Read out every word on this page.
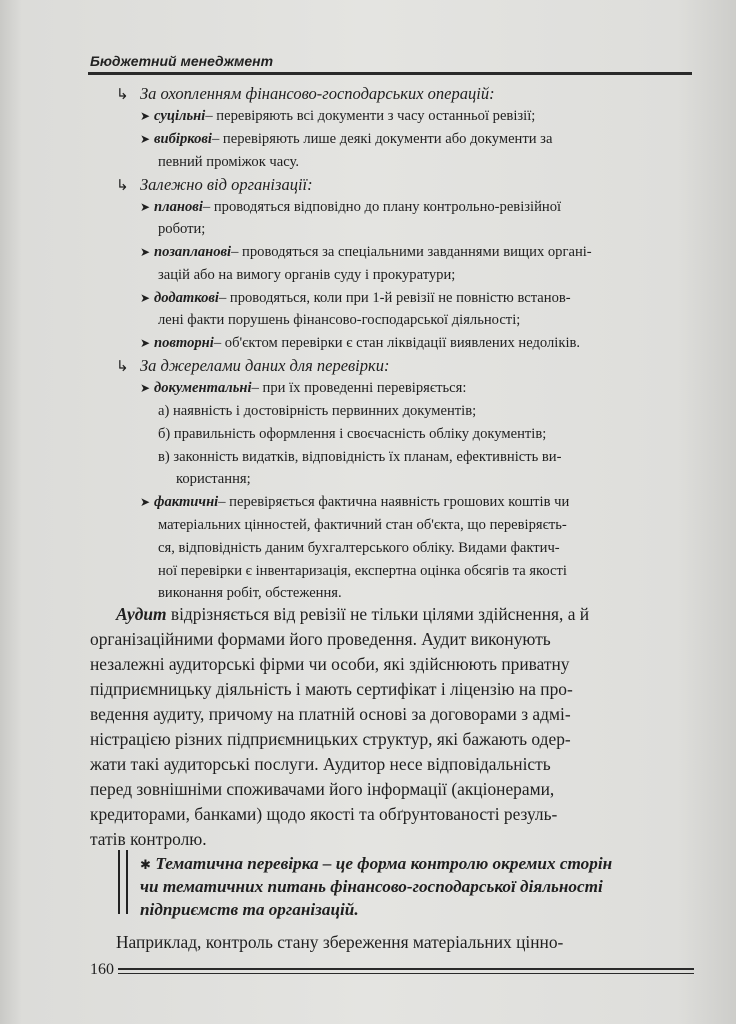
Бюджетний менеджмент
↳ За охопленням фінансово-господарських операцій:
➤ суцільні– перевіряють всі документи з часу останньої ревізії;
➤ вибіркові– перевіряють лише деякі документи або документи за
певний проміжок часу.
↳ Залежно від організації:
➤ планові– проводяться відповідно до плану контрольно-ревізійної
роботи;
➤ позапланові– проводяться за спеціальними завданнями вищих органі-
зацій або на вимогу органів суду і прокуратури;
➤ додаткові– проводяться, коли при 1-й ревізії не повністю встанов-
лені факти порушень фінансово-господарської діяльності;
➤ повторні– об'єктом перевірки є стан ліквідації виявлених недоліків.
↳ За джерелами даних для перевірки:
➤ документальні– при їх проведенні перевіряється:
а) наявність і достовірність первинних документів;
б) правильність оформлення і своєчасність обліку документів;
в) законність видатків, відповідність їх планам, ефективність ви-
користання;
➤ фактичні– перевіряється фактична наявність грошових коштів чи
матеріальних цінностей, фактичний стан об'єкта, що перевіряєть-
ся, відповідність даним бухгалтерського обліку. Видами фактич-
ної перевірки є інвентаризація, експертна оцінка обсягів та якості
виконання робіт, обстеження.
Аудит відрізняється від ревізії не тільки цілями здійснення, а й
організаційними формами його проведення. Аудит виконують
незалежні аудиторські фірми чи особи, які здійснюють приватну
підприємницьку діяльність і мають сертифікат і ліцензію на про-
ведення аудиту, причому на платній основі за договорами з адмі-
ністрацією різних підприємницьких структур, які бажають одер-
жати такі аудиторські послуги. Аудитор несе відповідальність
перед зовнішніми споживачами його інформації (акціонерами,
кредиторами, банками) щодо якості та обґрунтованості резуль-
татів контролю.
✱ Тематична перевірка – це форма контролю окремих сторін
чи тематичних питань фінансово-господарської діяльності
підприємств та організацій.
Наприклад, контроль стану збереження матеріальних цінно-
160
